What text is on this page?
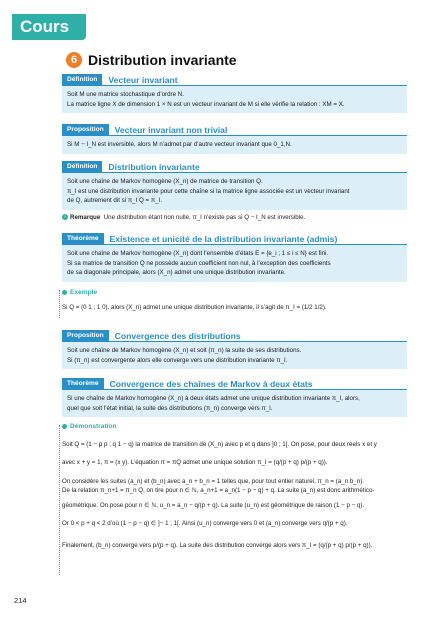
Cours
6 Distribution invariante
Définition	Vecteur invariant

Soit M une matrice stochastique d’ordre N.

La matrice ligne X de dimension 1 × N est un vecteur invariant de M si elle vérifie la relation : XM = X.

Proposition	Vecteur invariant non trivial

Si M − I_N est inversible, alors M n’admet par d’autre vecteur invariant que 0_1,N.

Définition	Distribution invariante

Soit une chaîne de Markov homogène (X_n) de matrice de transition Q.

π_I est une distribution invariante pour cette chaîne si la matrice ligne associée est un vecteur invariant

de Q, autrement dit si π_I Q = π_I.

› Remarque Une distribution étant non nulle, π_I n’existe pas si Q − I_N est inversible.

Théorème	Existence et unicité de la distribution invariante (admis)

Soit une chaîne de Markov homogène (X_n) dont l’ensemble d’états E = {e_i ; 1 ≤ i ≤ N} est fini.

Si sa matrice de transition Q ne possède aucun coefficient non nul, à l’exception des coefficients

de sa diagonale principale, alors (X_n) admet une unique distribution invariante.

Exemple

Si Q = (0 1 ; 1 0), alors (X_n) admet une unique distribution invariante, il s’agit de π_I = (1/2 1/2).

Proposition	Convergence des distributions

Soit une chaîne de Markov homogène (X_n) et soit (π_n) la suite de ses distributions.

Si (π_n) est convergente alors elle converge vers une distribution invariante π_I.

Théorème	Convergence des chaînes de Markov à deux états

Si une chaîne de Markov homogène (X_n) à deux états admet une unique distribution invariante π_I, alors,

quel que soit l’état initial, la suite des distributions (π_n) converge vers π_I.

Démonstration

Soit Q = (1 − p p ; q 1 − q) la matrice de transition de (X_n) avec p et q dans ]0 ; 1[. On pose, pour deux réels x et y

avec x + y = 1, π = (x y). L’équation π = πQ admet une unique solution π_I = (q/(p + q) p/(p + q)).

On considère les suites (a_n) et (b_n) avec a_n + b_n = 1 telles que, pour tout entier naturel, π_n = (a_n b_n).

De la relation π_n+1 = π_n Q, on tire pour n ∈ ℕ, a_n+1 = a_n(1 − p − q) + q. La suite (a_n) est donc arithmético-

géométrique. On pose pour n ∈ ℕ, u_n = a_n − q/(p + q). La suite (u_n) est géométrique de raison (1 − p − q).

Or 0 < p + q < 2 d’où (1 − p − q) ∈ ]− 1 ; 1[. Ainsi (u_n) converge vers 0 et (a_n) converge vers q/(p + q).

Finalement, (b_n) converge vers p/(p + q). La suite des distribution converge alors vers π_I = (q/(p + q) p/(p + q)).

214
